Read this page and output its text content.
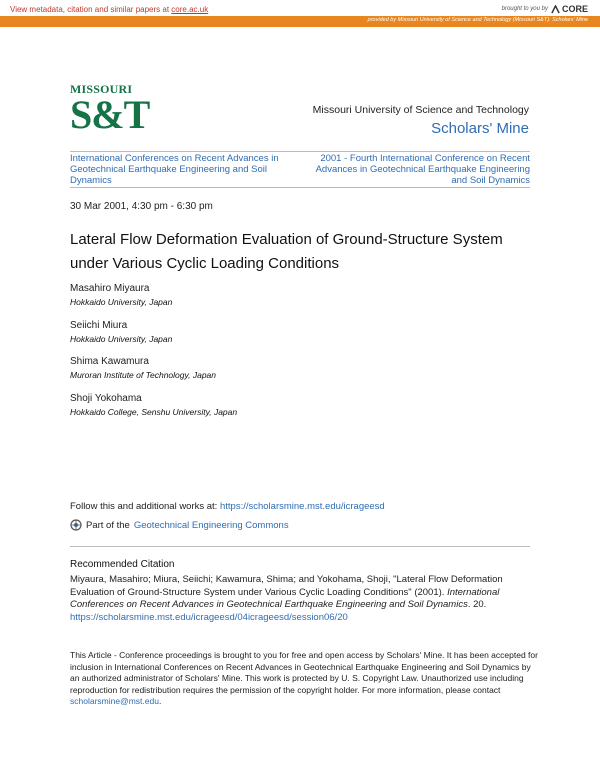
View metadata, citation and similar papers at core.ac.uk	brought to you by CORE
provided by Missouri University of Science and Technology (Missouri S&T): Scholars' Mine
MISSOURI
S&T	Missouri University of Science and Technology
Scholars' Mine
International Conferences on Recent Advances in Geotechnical Earthquake Engineering and Soil Dynamics
2001 - Fourth International Conference on Recent Advances in Geotechnical Earthquake Engineering and Soil Dynamics
30 Mar 2001, 4:30 pm - 6:30 pm
Lateral Flow Deformation Evaluation of Ground-Structure System under Various Cyclic Loading Conditions
Masahiro Miyaura
Hokkaido University, Japan
Seiichi Miura
Hokkaido University, Japan
Shima Kawamura
Muroran Institute of Technology, Japan
Shoji Yokohama
Hokkaido College, Senshu University, Japan
Follow this and additional works at: https://scholarsmine.mst.edu/icrageesd
Part of the Geotechnical Engineering Commons
Recommended Citation
Miyaura, Masahiro; Miura, Seiichi; Kawamura, Shima; and Yokohama, Shoji, "Lateral Flow Deformation Evaluation of Ground-Structure System under Various Cyclic Loading Conditions" (2001). International Conferences on Recent Advances in Geotechnical Earthquake Engineering and Soil Dynamics. 20.
https://scholarsmine.mst.edu/icrageesd/04icrageesd/session06/20
This Article - Conference proceedings is brought to you for free and open access by Scholars' Mine. It has been accepted for inclusion in International Conferences on Recent Advances in Geotechnical Earthquake Engineering and Soil Dynamics by an authorized administrator of Scholars' Mine. This work is protected by U. S. Copyright Law. Unauthorized use including reproduction for redistribution requires the permission of the copyright holder. For more information, please contact scholarsmine@mst.edu.
